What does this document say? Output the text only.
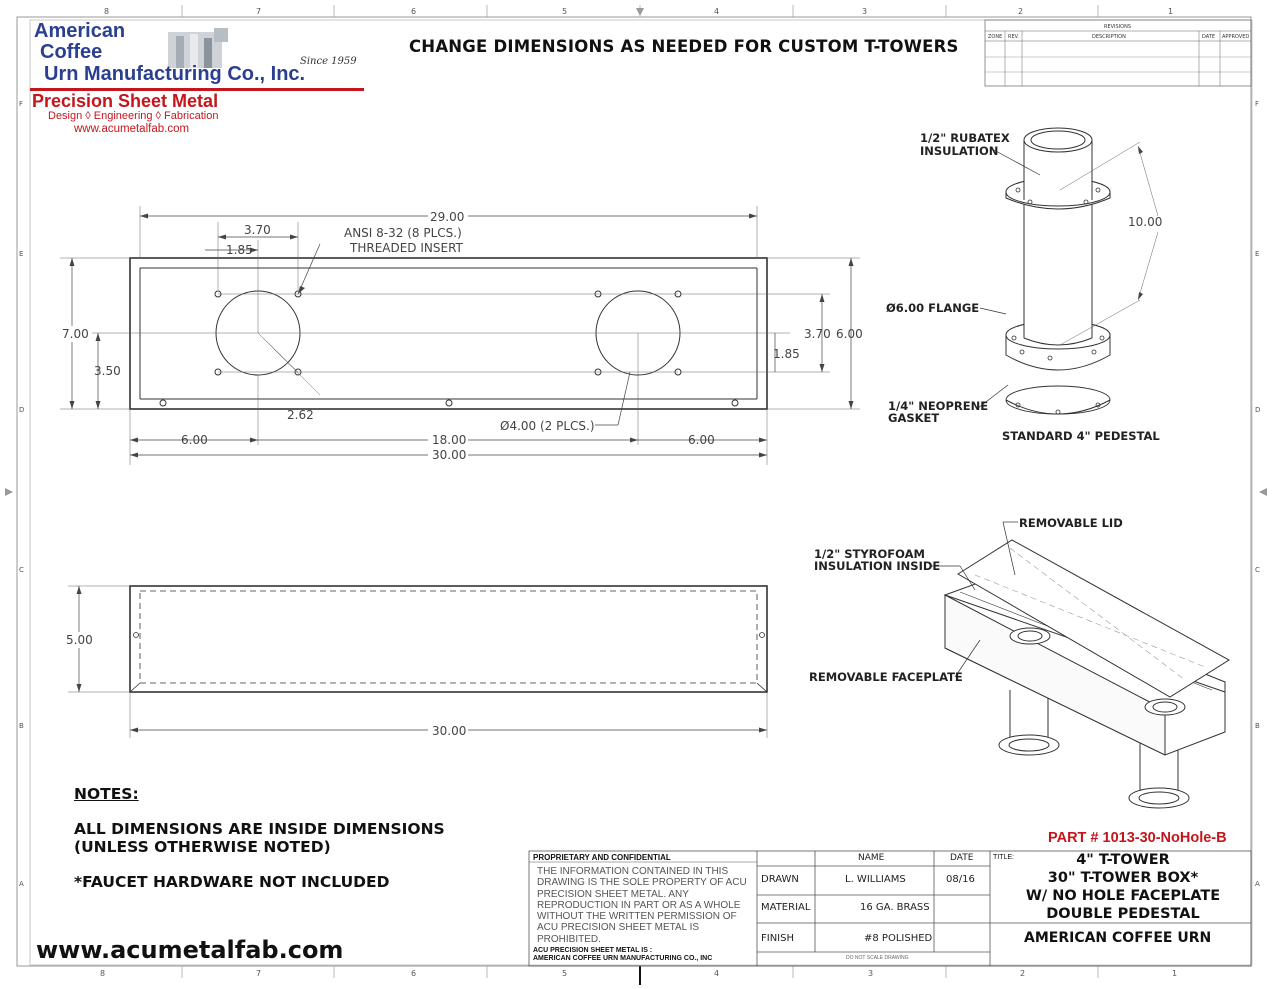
8	7	6	5	4	3	2	1
8	7	6	5	4	3	2	1
F
E
D
C
B
A
F
E
D
C
B
A
REVISIONS
ZONE REV.	DESCRIPTION	DATE APPROVED
29.00
3.70
1.85
ANSI 8-32 (8 PLCS.)
THREADED INSERT
7.00
3.50
3.70 6.00
1.85
2.62
Ø4.00 (2 PLCS.)
6.00	18.00	6.00
30.00
5.00
30.00
1/2" RUBATEX
INSULATION
Ø6.00 FLANGE
1/4" NEOPRENE
GASKET
STANDARD 4" PEDESTAL
10.00
REMOVABLE LID
1/2" STYROFOAM
INSULATION INSIDE
REMOVABLE FACEPLATE
American
Coffee
Urn Manufacturing Co., Inc.
Since 1959
Precision Sheet Metal
Design ◊ Engineering ◊ Fabrication
www.acumetalfab.com
CHANGE DIMENSIONS AS NEEDED FOR CUSTOM T-TOWERS
NOTES:
ALL DIMENSIONS ARE INSIDE DIMENSIONS
(UNLESS OTHERWISE NOTED)
*FAUCET HARDWARE NOT INCLUDED
www.acumetalfab.com
PART # 1013-30-NoHole-B
PROPRIETARY AND CONFIDENTIAL
THE INFORMATION CONTAINED IN THIS DRAWING IS THE SOLE PROPERTY OF ACU PRECISION SHEET METAL. ANY REPRODUCTION IN PART OR AS A WHOLE WITHOUT THE WRITTEN PERMISSION OF ACU PRECISION SHEET METAL IS PROHIBITED.
ACU PRECISION SHEET METAL IS :
AMERICAN COFFEE URN MANUFACTURING CO., INC
NAME	DATE
DRAWN	L. WILLIAMS	08/16
MATERIAL	16 GA. BRASS
FINISH	#8 POLISHED
DO NOT SCALE DRAWING
TITLE:	4" T-TOWER
30" T-TOWER BOX*
W/ NO HOLE FACEPLATE
DOUBLE PEDESTAL
AMERICAN COFFEE URN
